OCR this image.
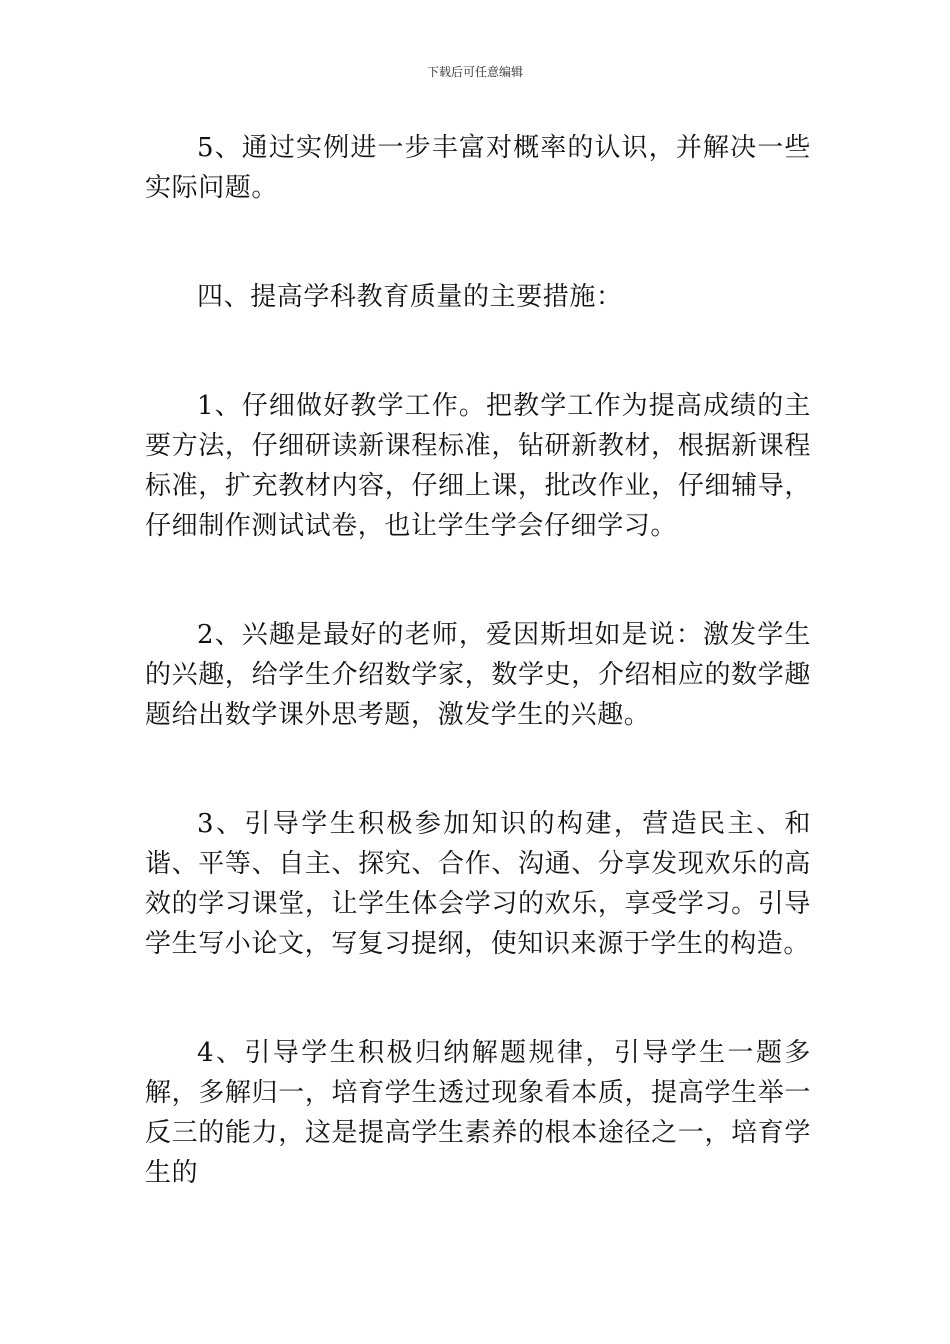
下载后可任意编辑

5、通过实例进一步丰富对概率的认识，并解决一些实际问题。

四、提高学科教育质量的主要措施：

1、仔细做好教学工作。把教学工作为提高成绩的主要方法，仔细研读新课程标准，钻研新教材，根据新课程标准，扩充教材内容，仔细上课，批改作业，仔细辅导，仔细制作测试试卷，也让学生学会仔细学习。

2、兴趣是最好的老师，爱因斯坦如是说：激发学生的兴趣，给学生介绍数学家，数学史，介绍相应的数学趣题给出数学课外思考题，激发学生的兴趣。

3、引导学生积极参加知识的构建，营造民主、和谐、平等、自主、探究、合作、沟通、分享发现欢乐的高效的学习课堂，让学生体会学习的欢乐，享受学习。引导学生写小论文，写复习提纲，使知识来源于学生的构造。

4、引导学生积极归纳解题规律，引导学生一题多解，多解归一，培育学生透过现象看本质，提高学生举一反三的能力，这是提高学生素养的根本途径之一，培育学生的
